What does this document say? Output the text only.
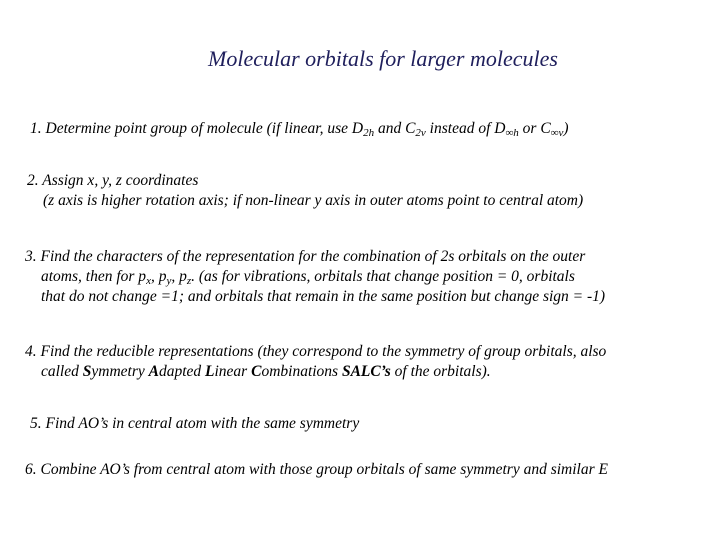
Molecular orbitals for larger molecules
1. Determine point group of molecule (if linear, use $D_{2h}$ and $C_{2v}$ instead of $D_{\infty h}$ or $C_{\infty v}$)
2. Assign x, y, z coordinates
(z axis is higher rotation axis; if non-linear y axis in outer atoms point to central atom)
3. Find the characters of the representation for the combination of 2s orbitals on the outer
atoms, then for $p_x$, $p_y$, $p_z$. (as for vibrations, orbitals that change position = 0, orbitals
that do not change =1; and orbitals that remain in the same position but change sign = -1)
4. Find the reducible representations (they correspond to the symmetry of group orbitals, also
called Symmetry Adapted Linear Combinations SALC’s of the orbitals).
5. Find AO’s in central atom with the same symmetry
6. Combine AO’s from central atom with those group orbitals of same symmetry and similar E
